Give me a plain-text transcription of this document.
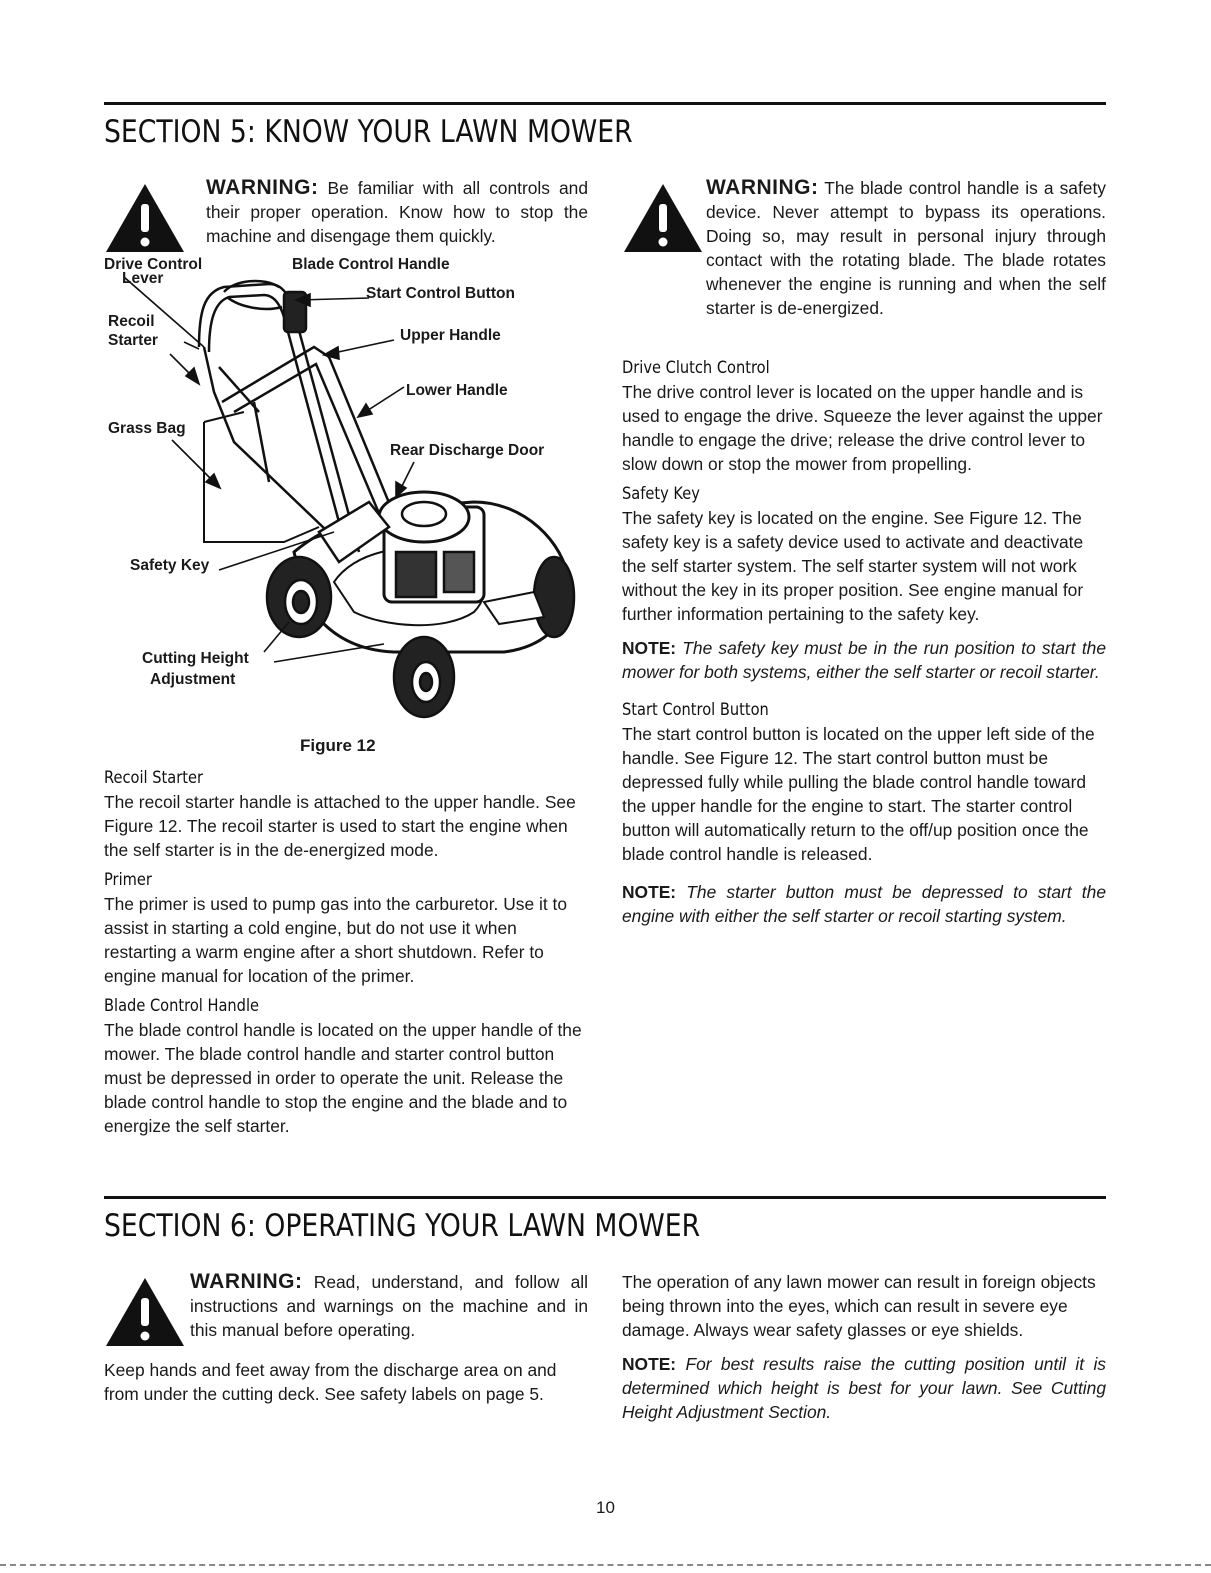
SECTION 5: KNOW YOUR LAWN MOWER

WARNING: Be familiar with all controls and their proper operation. Know how to stop the machine and disengage them quickly.

Drive Control
Lever
Blade Control Handle
Start Control Button
Recoil
Starter	Upper Handle
Lower Handle
Grass Bag
Rear Discharge Door
Safety Key
Cutting Height
Adjustment
Figure 12
Recoil Starter

The recoil starter handle is attached to the upper handle. See Figure 12. The recoil starter is used to start the engine when the self starter is in the de-energized mode.

Primer

The primer is used to pump gas into the carburetor. Use it to assist in starting a cold engine, but do not use it when restarting a warm engine after a short shutdown. Refer to engine manual for location of the primer.

Blade Control Handle

The blade control handle is located on the upper handle of the mower. The blade control handle and starter control button must be depressed in order to operate the unit. Release the blade control handle to stop the engine and the blade and to energize the self starter.

WARNING: The blade control handle is a safety device. Never attempt to bypass its operations. Doing so, may result in personal injury through contact with the rotating blade. The blade rotates whenever the engine is running and when the self starter is de-energized.

Drive Clutch Control

The drive control lever is located on the upper handle and is used to engage the drive. Squeeze the lever against the upper handle to engage the drive; release the drive control lever to slow down or stop the mower from propelling.

Safety Key

The safety key is located on the engine. See Figure 12. The safety key is a safety device used to activate and deactivate the self starter system. The self starter system will not work without the key in its proper position. See engine manual for further information pertaining to the safety key.

NOTE: The safety key must be in the run position to start the mower for both systems, either the self starter or recoil starter.

Start Control Button

The start control button is located on the upper left side of the handle. See Figure 12. The start control button must be depressed fully while pulling the blade control handle toward the upper handle for the engine to start. The starter control button will automatically return to the off/up position once the blade control handle is released.

NOTE: The starter button must be depressed to start the engine with either the self starter or recoil starting system.

SECTION 6: OPERATING YOUR LAWN MOWER

WARNING: Read, understand, and follow all instructions and warnings on the machine and in this manual before operating.

Keep hands and feet away from the discharge area on and from under the cutting deck. See safety labels on page 5.

The operation of any lawn mower can result in foreign objects being thrown into the eyes, which can result in severe eye damage. Always wear safety glasses or eye shields.

NOTE: For best results raise the cutting position until it is determined which height is best for your lawn. See Cutting Height Adjustment Section.

10
